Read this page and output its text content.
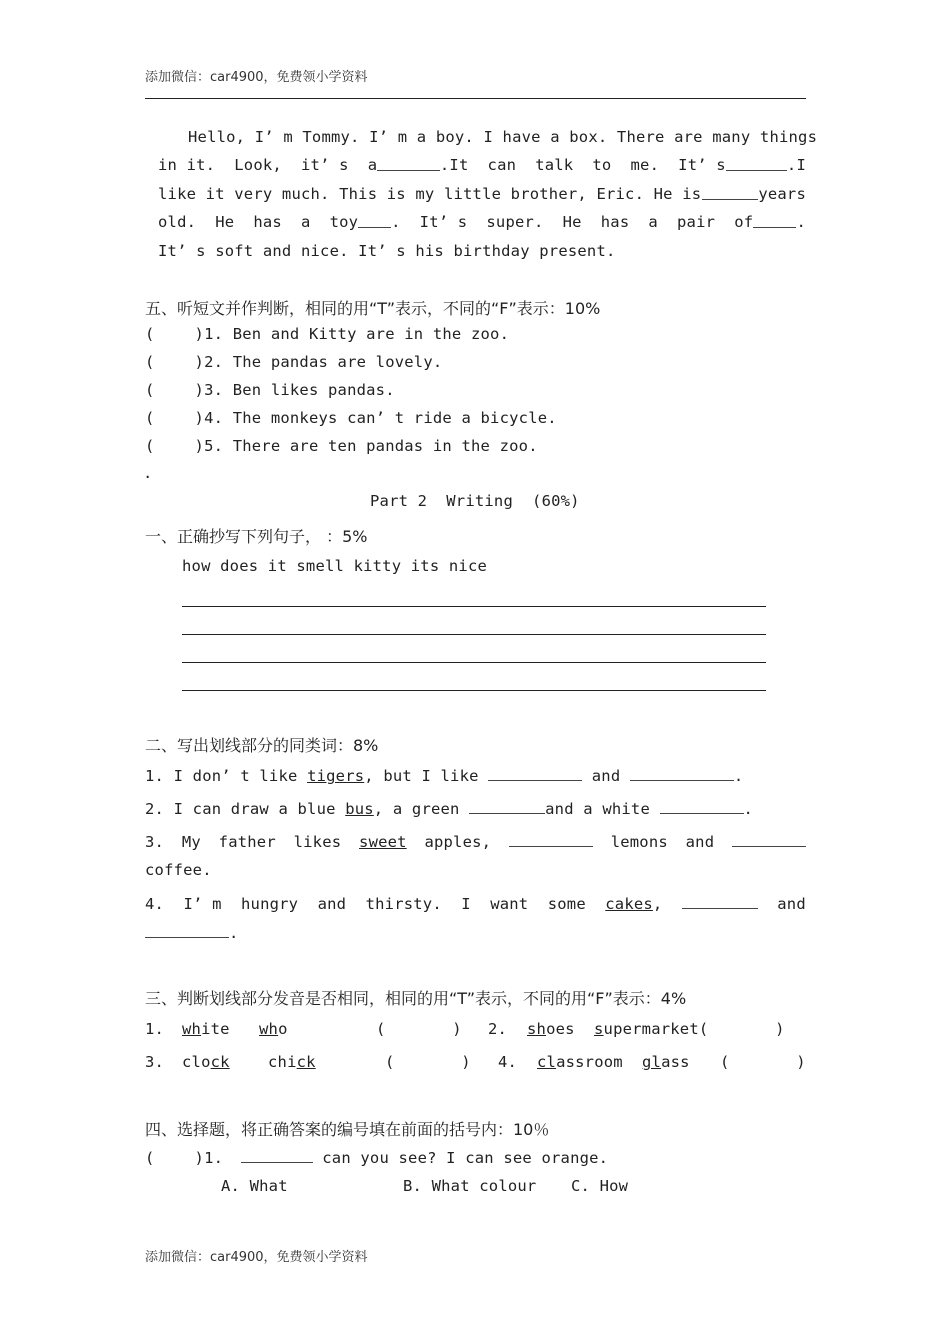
添加微信：car4900，免费领小学资料
Hello, I’ m Tommy. I’ m a boy. I have a box. There are many things
in it.  Look,  it’ s  a	.It  can  talk  to  me.  It’ s	.I
like it very much. This is my little brother, Eric. He is	years
old.  He  has  a  toy .  It’ s  super.  He  has  a  pair  of	.
It’ s soft and nice. It’ s his birthday present.
五、听短文并作判断，相同的用“T”表示，不同的“F”表示：10%
(	)1. Ben and Kitty are in the zoo.
(	)2. The pandas are lovely.
(	)3. Ben likes pandas.
(	)4. The monkeys can’ t ride a bicycle.
(	)5. There are ten pandas in the zoo.
.
Part 2  Writing  (60%)
一、正确抄写下列句子， ：5%
how does it smell kitty its nice
二、写出划线部分的同类词：8%
1. I don’ t like tigers, but I like	and	.
2. I can draw a blue bus, a green	and a white	.
3. My father likes sweet apples,	lemons and
coffee.
4. I’ m hungry and thirsty. I want some cakes,	and
.
三、判断划线部分发音是否相同，相同的用“T”表示，不同的用“F”表示：4%
1. white who	(       ) 2. shoes supermarket(       )
3. clock chick	(       ) 4. classroom glass (       )
四、选择题，将正确答案的编号填在前面的括号内：10％
(	)1.	can you see? I can see orange.
A. What	B. What colour C. How
添加微信：car4900，免费领小学资料
